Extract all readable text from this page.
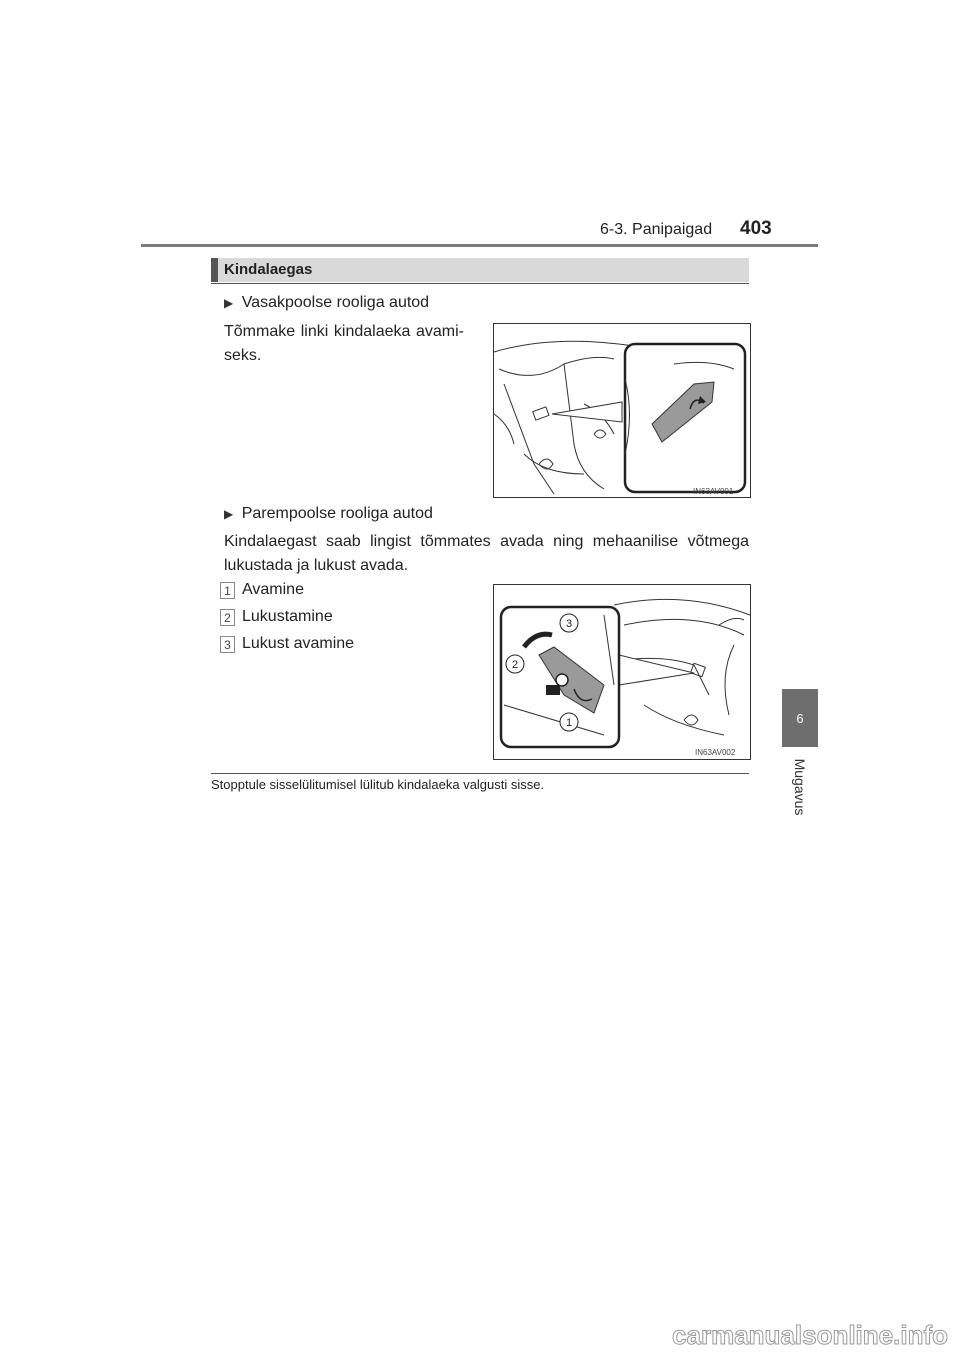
6-3. Panipaigad 403
6
Mugavus
Kindalaegas
▶ Vasakpoolse rooliga autod
Tõmmake linki kindalaeka avami-
seks.
IN63AV001
▶ Parempoolse rooliga autod
Kindalaegast saab lingist tõmmates avada ning mehaanilise võtmega
lukustada ja lukust avada.
1 Avamine
2 Lukustamine
3 Lukust avamine
3
2
1
IN63AV002
Stopptule sisselülitumisel lülitub kindalaeka valgusti sisse.
carmanualsonline.info
